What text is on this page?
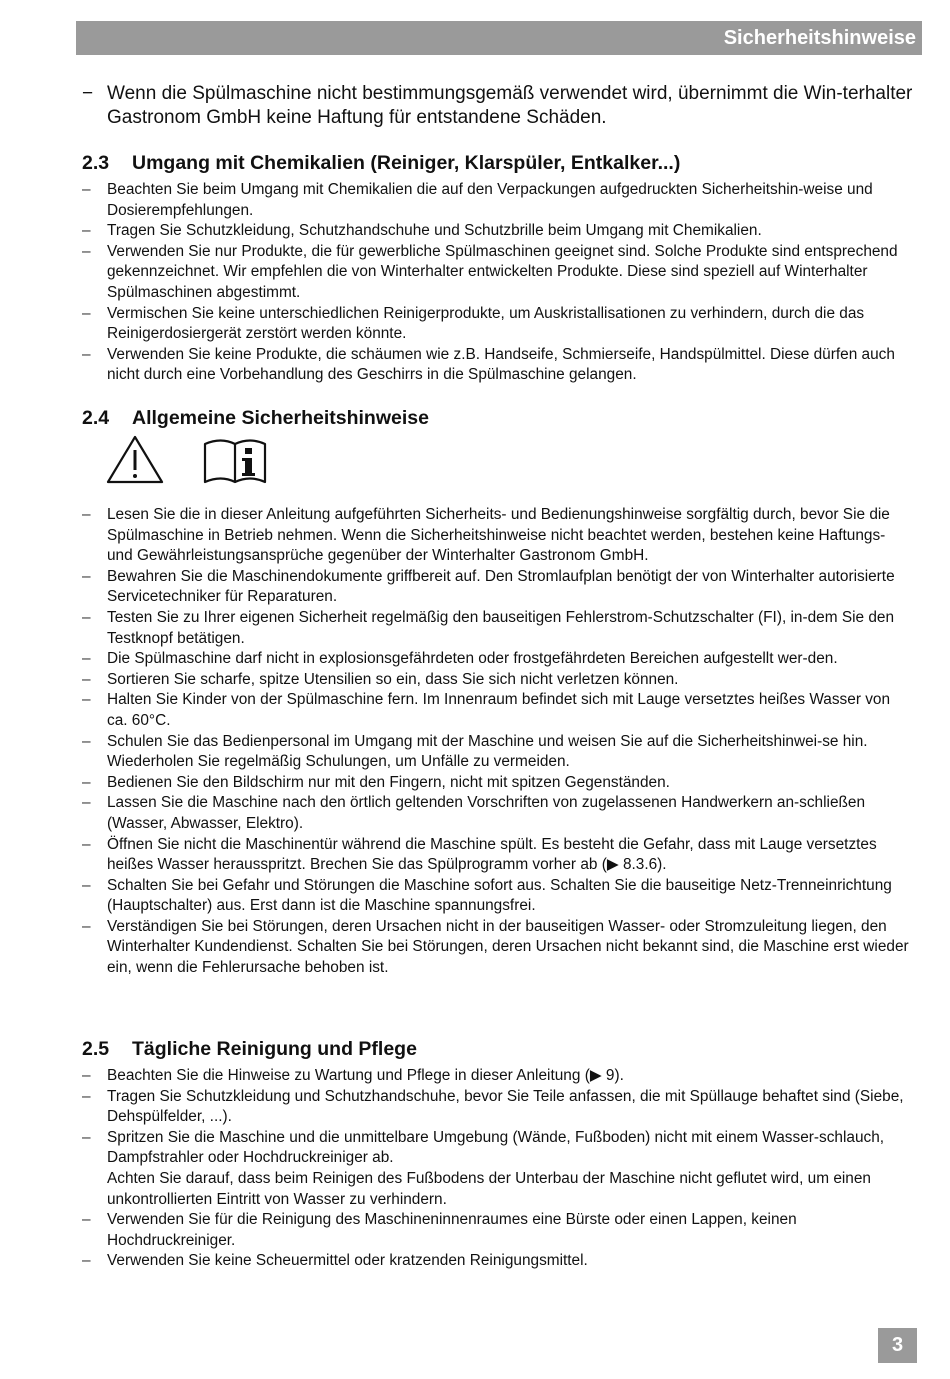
Sicherheitshinweise
− Wenn die Spülmaschine nicht bestimmungsgemäß verwendet wird, übernimmt die Win-terhalter Gastronom GmbH keine Haftung für entstandene Schäden.
2.3 Umgang mit Chemikalien (Reiniger, Klarspüler, Entkalker...)
– Beachten Sie beim Umgang mit Chemikalien die auf den Verpackungen aufgedruckten Sicherheitshin-weise und Dosierempfehlungen.
– Tragen Sie Schutzkleidung, Schutzhandschuhe und Schutzbrille beim Umgang mit Chemikalien.
– Verwenden Sie nur Produkte, die für gewerbliche Spülmaschinen geeignet sind. Solche Produkte sind entsprechend gekennzeichnet. Wir empfehlen die von Winterhalter entwickelten Produkte. Diese sind speziell auf Winterhalter Spülmaschinen abgestimmt.
– Vermischen Sie keine unterschiedlichen Reinigerprodukte, um Auskristallisationen zu verhindern, durch die das Reinigerdosiergerät zerstört werden könnte.
– Verwenden Sie keine Produkte, die schäumen wie z.B. Handseife, Schmierseife, Handspülmittel. Diese dürfen auch nicht durch eine Vorbehandlung des Geschirrs in die Spülmaschine gelangen.
2.4 Allgemeine Sicherheitshinweise
– Lesen Sie die in dieser Anleitung aufgeführten Sicherheits- und Bedienungshinweise sorgfältig durch, bevor Sie die Spülmaschine in Betrieb nehmen. Wenn die Sicherheitshinweise nicht beachtet werden, bestehen keine Haftungs- und Gewährleistungsansprüche gegenüber der Winterhalter Gastronom GmbH.
– Bewahren Sie die Maschinendokumente griffbereit auf. Den Stromlaufplan benötigt der von Winterhalter autorisierte Servicetechniker für Reparaturen.
– Testen Sie zu Ihrer eigenen Sicherheit regelmäßig den bauseitigen Fehlerstrom-Schutzschalter (FI), in-dem Sie den Testknopf betätigen.
– Die Spülmaschine darf nicht in explosionsgefährdeten oder frostgefährdeten Bereichen aufgestellt wer-den.
– Sortieren Sie scharfe, spitze Utensilien so ein, dass Sie sich nicht verletzen können.
– Halten Sie Kinder von der Spülmaschine fern. Im Innenraum befindet sich mit Lauge versetztes heißes Wasser von ca. 60°C.
– Schulen Sie das Bedienpersonal im Umgang mit der Maschine und weisen Sie auf die Sicherheitshinwei-se hin. Wiederholen Sie regelmäßig Schulungen, um Unfälle zu vermeiden.
– Bedienen Sie den Bildschirm nur mit den Fingern, nicht mit spitzen Gegenständen.
– Lassen Sie die Maschine nach den örtlich geltenden Vorschriften von zugelassenen Handwerkern an-schließen (Wasser, Abwasser, Elektro).
– Öffnen Sie nicht die Maschinentür während die Maschine spült. Es besteht die Gefahr, dass mit Lauge versetztes heißes Wasser herausspritzt. Brechen Sie das Spülprogramm vorher ab (▶ 8.3.6).
– Schalten Sie bei Gefahr und Störungen die Maschine sofort aus. Schalten Sie die bauseitige Netz-Trenneinrichtung (Hauptschalter) aus. Erst dann ist die Maschine spannungsfrei.
– Verständigen Sie bei Störungen, deren Ursachen nicht in der bauseitigen Wasser- oder Stromzuleitung liegen, den Winterhalter Kundendienst. Schalten Sie bei Störungen, deren Ursachen nicht bekannt sind, die Maschine erst wieder ein, wenn die Fehlerursache behoben ist.
2.5 Tägliche Reinigung und Pflege
– Beachten Sie die Hinweise zu Wartung und Pflege in dieser Anleitung (▶ 9).
– Tragen Sie Schutzkleidung und Schutzhandschuhe, bevor Sie Teile anfassen, die mit Spüllauge behaftet sind (Siebe, Dehspülfelder, ...).
– Spritzen Sie die Maschine und die unmittelbare Umgebung (Wände, Fußboden) nicht mit einem Wasser-schlauch, Dampfstrahler oder Hochdruckreiniger ab.
Achten Sie darauf, dass beim Reinigen des Fußbodens der Unterbau der Maschine nicht geflutet wird, um einen unkontrollierten Eintritt von Wasser zu verhindern.
– Verwenden Sie für die Reinigung des Maschineninnenraumes eine Bürste oder einen Lappen, keinen Hochdruckreiniger.
– Verwenden Sie keine Scheuermittel oder kratzenden Reinigungsmittel.
3
